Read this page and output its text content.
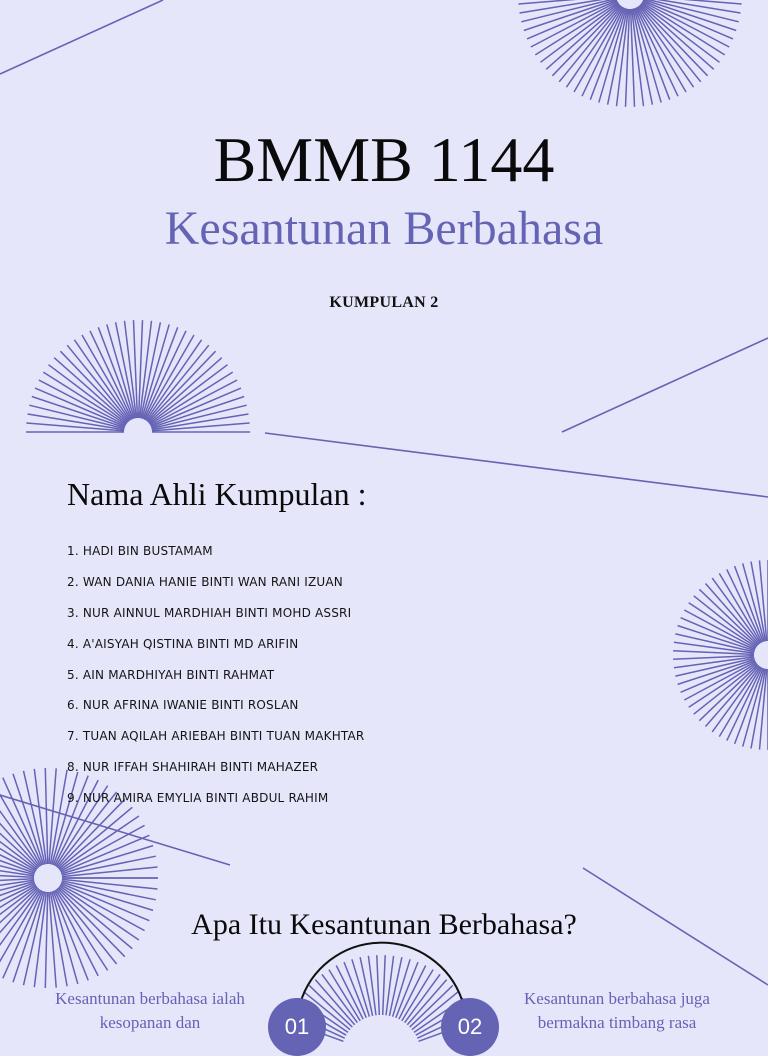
BMMB 1144
Kesantunan Berbahasa
KUMPULAN 2
Nama Ahli Kumpulan :
1. HADI BIN BUSTAMAM
2. WAN DANIA HANIE BINTI WAN RANI IZUAN
3. NUR AINNUL MARDHIAH BINTI MOHD ASSRI
4. A'AISYAH QISTINA BINTI MD ARIFIN
5. AIN MARDHIYAH BINTI RAHMAT
6. NUR AFRINA IWANIE BINTI ROSLAN
7. TUAN AQILAH ARIEBAH BINTI TUAN MAKHTAR
8. NUR IFFAH SHAHIRAH BINTI MAHAZER
9. NUR AMIRA EMYLIA BINTI ABDUL RAHIM
Apa Itu Kesantunan Berbahasa?
Kesantunan berbahasa ialah kesopanan dan
Kesantunan berbahasa juga bermakna timbang rasa
01	02
